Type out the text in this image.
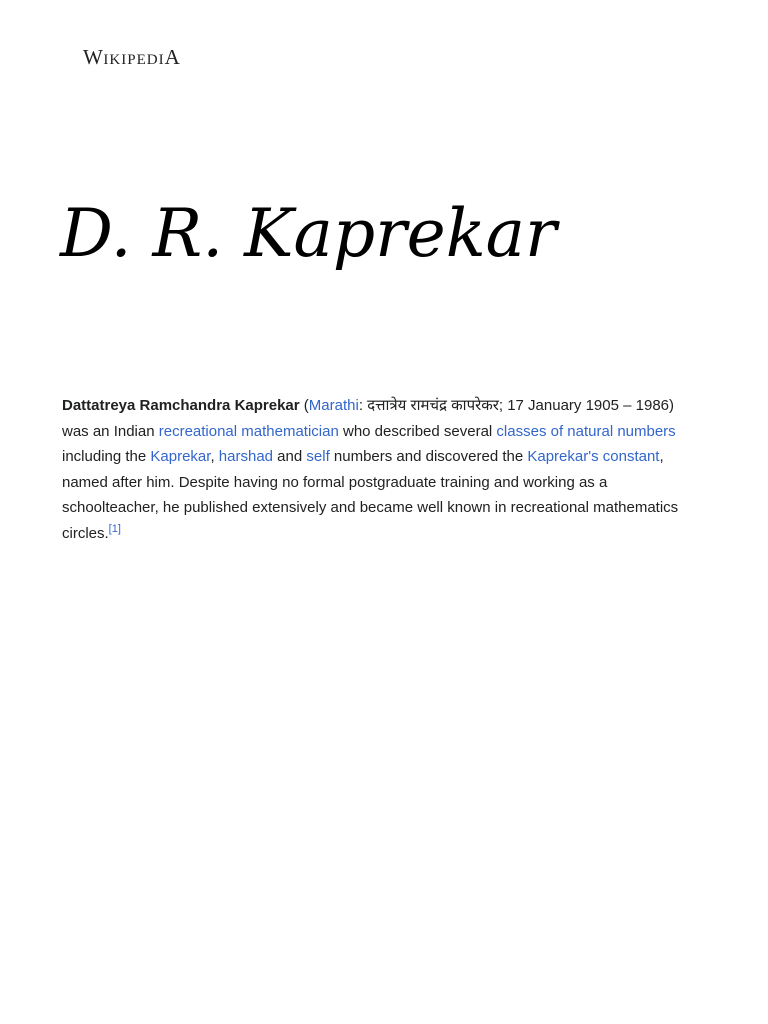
WIKIPEDIA
D. R. Kaprekar

Dattatreya Ramchandra Kaprekar (Marathi: दत्तात्रेय रामचंद्र कापरेकर; 17 January 1905 – 1986) was an Indian recreational mathematician who described several classes of natural numbers including the Kaprekar, harshad and self numbers and discovered the Kaprekar's constant, named after him. Despite having no formal postgraduate training and working as a schoolteacher, he published extensively and became well known in recreational mathematics circles.[1]
